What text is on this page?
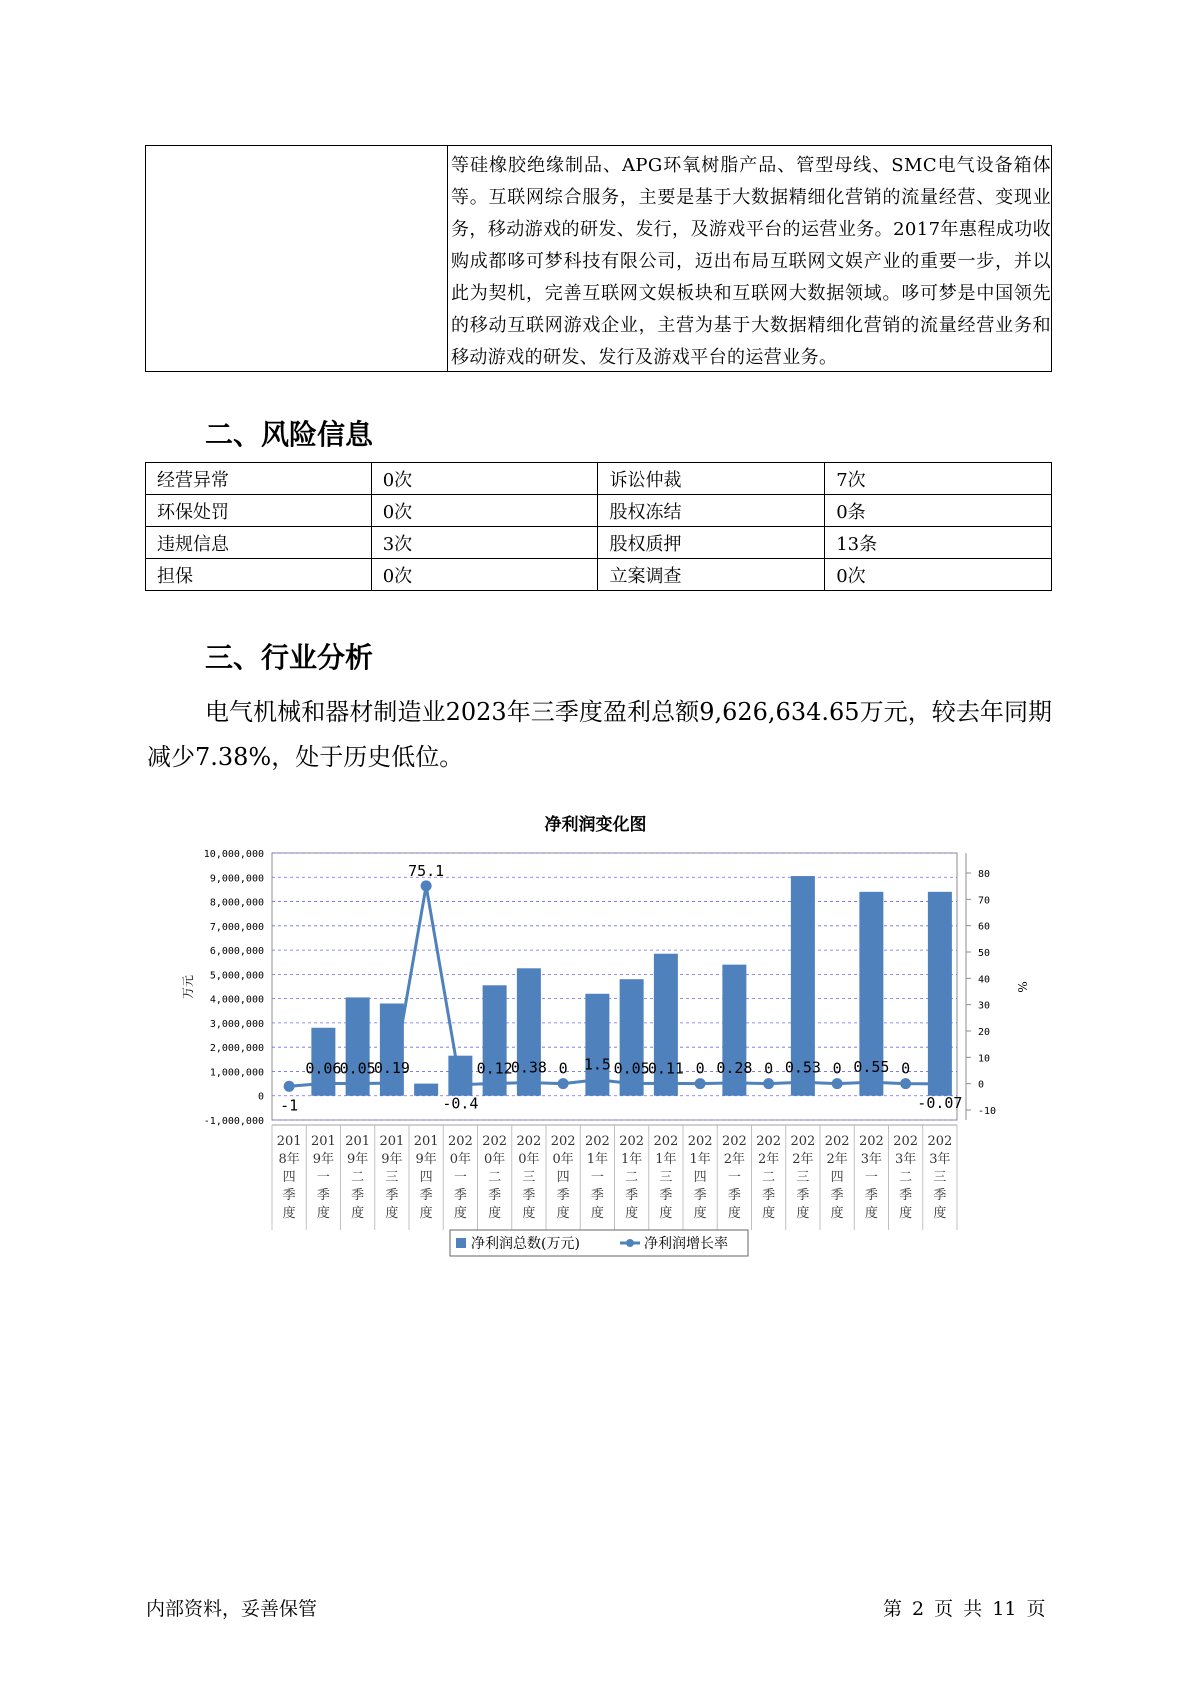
等硅橡胶绝缘制品、APG环氧树脂产品、管型母线、SMC电气设备箱体等。互联网综合服务，主要是基于大数据精细化营销的流量经营、变现业务，移动游戏的研发、发行，及游戏平台的运营业务。2017年惠程成功收购成都哆可梦科技有限公司，迈出布局互联网文娱产业的重要一步，并以此为契机，完善互联网文娱板块和互联网大数据领域。哆可梦是中国领先的移动互联网游戏企业，主营为基于大数据精细化营销的流量经营业务和移动游戏的研发、发行及游戏平台的运营业务。
二、风险信息
经营异常	0次	诉讼仲裁	7次
环保处罚	0次	股权冻结	0条
违规信息	3次	股权质押	13条
担保	0次	立案调查	0次
三、行业分析
电气机械和器材制造业2023年三季度盈利总额9,626,634.65万元，较去年同期减少7.38%，处于历史低位。
净利润变化图
10,000,000
9,000,000
8,000,000
7,000,000
6,000,000
5,000,000
4,000,000
3,000,000
2,000,000
1,000,000
0
-1,000,000
80
70
60
50
40
30
20
10
0
-10
万元	%
201 8年四季度
201 9年一季度
201 9年二季度
201 9年三季度
201 9年四季度
202 0年一季度
202 0年二季度
202 0年三季度
202 0年四季度
202 1年一季度
202 1年二季度
202 1年三季度
202 1年四季度
202 2年一季度
202 2年二季度
202 2年三季度
202 2年四季度
202 3年一季度
202 3年二季度
202 3年三季度
-1
0.06
0.05
0.19
75.1
-0.4
0.12
0.38 0 1.5 0.05
0.11 0 0.28 0 0.53 0 0.55 0
-0.07
净利润总数(万元)	净利润增长率
内部资料，妥善保管	第 2 页 共 11 页
